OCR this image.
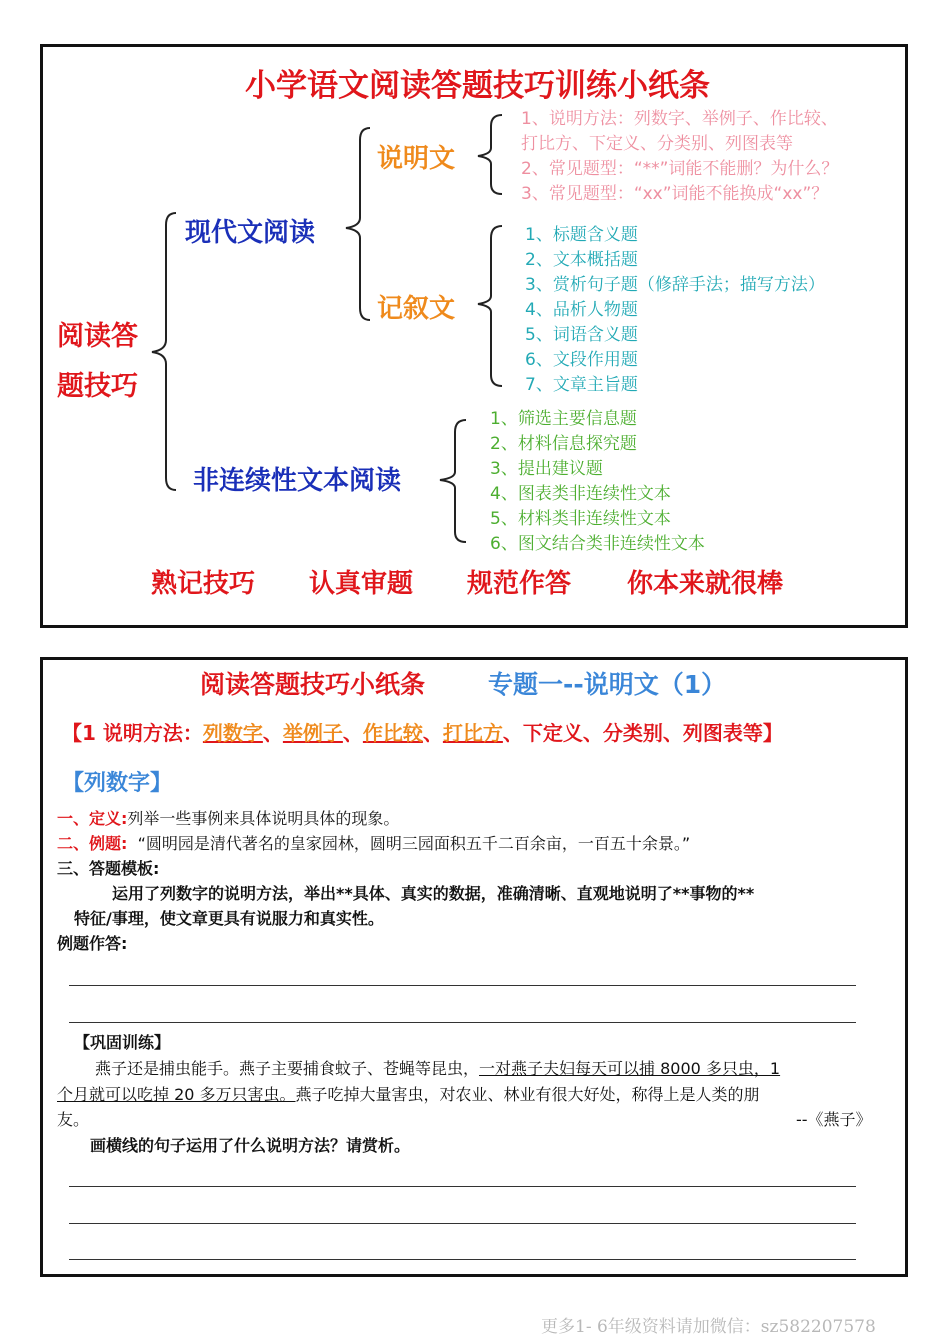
小学语文阅读答题技巧训练小纸条
阅读答
题技巧
现代文阅读
说明文
记叙文
非连续性文本阅读
1、说明方法：列数字、举例子、作比较、
打比方、下定义、分类别、列图表等
2、常见题型：“**”词能不能删？为什么？
3、常见题型：“xx”词能不能换成“xx”？
1、标题含义题
2、文本概括题
3、赏析句子题（修辞手法；描写方法）
4、品析人物题
5、词语含义题
6、文段作用题
7、文章主旨题
1、筛选主要信息题
2、材料信息探究题
3、提出建议题
4、图表类非连续性文本
5、材料类非连续性文本
6、图文结合类非连续性文本
熟记技巧 认真审题 规范作答 你本来就很棒
阅读答题技巧小纸条	专题一--说明文（1）
【1 说明方法：列数字、举例子、作比较、打比方、下定义、分类别、列图表等】
【列数字】
一、定义:列举一些事例来具体说明具体的现象。
二、例题: “圆明园是清代著名的皇家园林，圆明三园面积五千二百余亩，一百五十余景。”
三、答题模板:
运用了列数字的说明方法，举出**具体、真实的数据，准确清晰、直观地说明了**事物的**
特征/事理，使文章更具有说服力和真实性。
例题作答:
【巩固训练】
燕子还是捕虫能手。燕子主要捕食蚊子、苍蝇等昆虫，一对燕子夫妇每天可以捕 8000 多只虫，1
个月就可以吃掉 20 多万只害虫。燕子吃掉大量害虫，对农业、林业有很大好处，称得上是人类的朋
友。	--《燕子》
画横线的句子运用了什么说明方法？请赏析。
更多1- 6年级资料请加微信：sz582207578
